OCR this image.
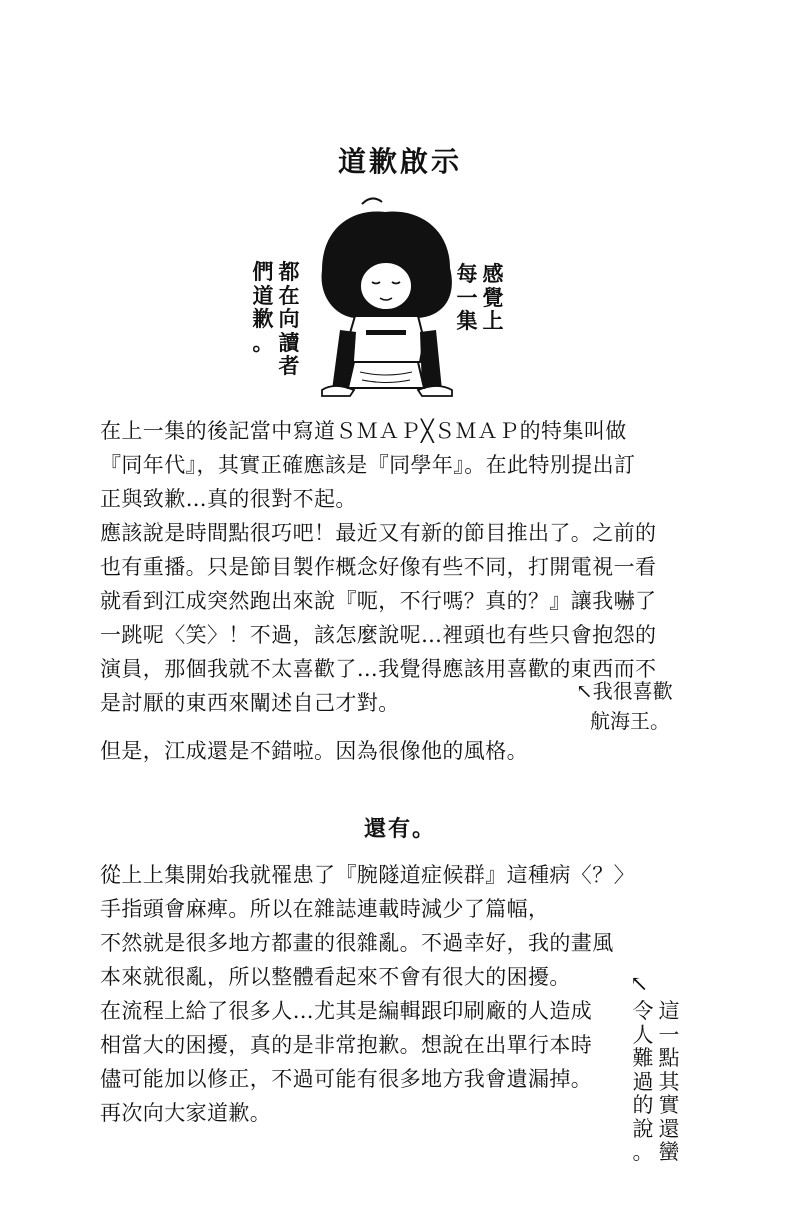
道歉啟示
都
在
向
讀
者
們
道
歉
。
感
覺
上
每
一
集
在上一集的後記當中寫道ＳＭＡＰ╳ＳＭＡＰ的特集叫做
『同年代』，其實正確應該是『同學年』。在此特別提出訂
正與致歉…真的很對不起。
應該說是時間點很巧吧！最近又有新的節目推出了。之前的
也有重播。只是節目製作概念好像有些不同，打開電視一看
就看到江成突然跑出來說『呃，不行嗎？真的？』讓我嚇了
一跳呢〈笑〉！不過，該怎麼說呢…裡頭也有些只會抱怨的
演員，那個我就不太喜歡了…我覺得應該用喜歡的東西而不
是討厭的東西來闡述自己才對。	↖我很喜歡
航海王。
但是，江成還是不錯啦。因為很像他的風格。
還有。
從上上集開始我就罹患了『腕隧道症候群』這種病〈？〉
手指頭會麻痺。所以在雜誌連載時減少了篇幅，
不然就是很多地方都畫的很雜亂。不過幸好，我的畫風
本來就很亂，所以整體看起來不會有很大的困擾。
在流程上給了很多人…尤其是編輯跟印刷廠的人造成
相當大的困擾，真的是非常抱歉。想說在出單行本時
儘可能加以修正，不過可能有很多地方我會遺漏掉。
再次向大家道歉。
↖
這
一
點
其
實
還
蠻
令
人
難
過
的
說
。
